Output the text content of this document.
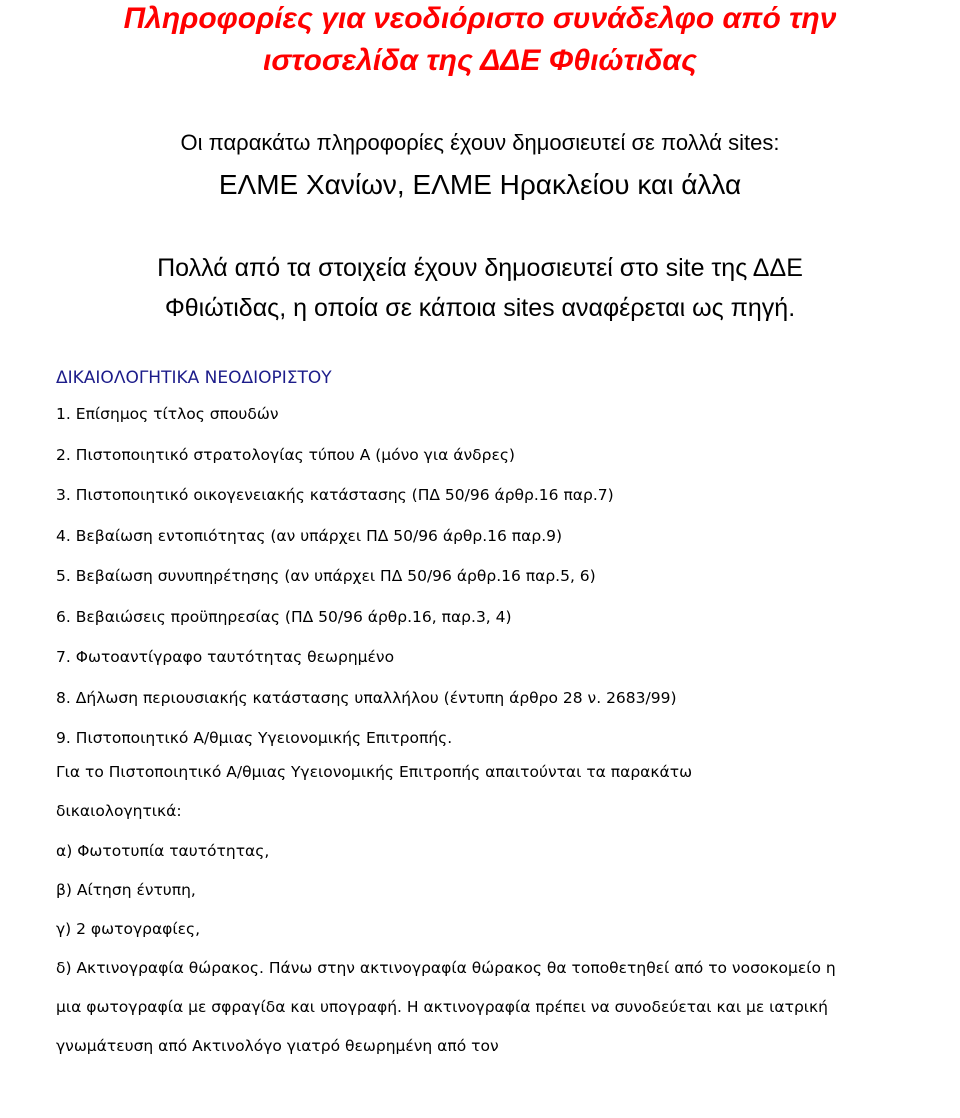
Πληροφορίες για νεοδιόριστο συνάδελφο από την
ιστοσελίδα της ΔΔΕ Φθιώτιδας
Οι παρακάτω πληροφορίες έχουν δημοσιευτεί σε πολλά sites:
ΕΛΜΕ Χανίων, ΕΛΜΕ Ηρακλείου και άλλα
Πολλά από τα στοιχεία έχουν δημοσιευτεί στο site της ΔΔΕ
Φθιώτιδας, η οποία σε κάποια sites αναφέρεται ως πηγή.
ΔΙΚΑΙΟΛΟΓΗΤΙΚΑ ΝΕΟΔΙΟΡΙΣΤΟΥ
1. Επίσημος τίτλος σπουδών
2. Πιστοποιητικό στρατολογίας τύπου Α (μόνο για άνδρες)
3. Πιστοποιητικό οικογενειακής κατάστασης (ΠΔ 50/96 άρθρ.16 παρ.7)
4. Βεβαίωση εντοπιότητας (αν υπάρχει ΠΔ 50/96 άρθρ.16 παρ.9)
5. Βεβαίωση συνυπηρέτησης (αν υπάρχει ΠΔ 50/96 άρθρ.16 παρ.5, 6)
6. Βεβαιώσεις προϋπηρεσίας (ΠΔ 50/96 άρθρ.16, παρ.3, 4)
7. Φωτοαντίγραφο ταυτότητας θεωρημένο
8. Δήλωση περιουσιακής κατάστασης υπαλλήλου (έντυπη άρθρο 28 ν. 2683/99)
9. Πιστοποιητικό Α/θμιας Υγειονομικής Επιτροπής.
Για το Πιστοποιητικό Α/θμιας Υγειονομικής Επιτροπής απαιτούνται τα παρακάτω
δικαιολογητικά:
α) Φωτοτυπία ταυτότητας,
β) Αίτηση έντυπη,
γ) 2 φωτογραφίες,
δ) Ακτινογραφία θώρακος. Πάνω στην ακτινογραφία θώρακος θα τοποθετηθεί από το νοσοκομείο η
μια φωτογραφία με σφραγίδα και υπογραφή. Η ακτινογραφία πρέπει να συνοδεύεται και με ιατρική
γνωμάτευση από Ακτινολόγο γιατρό θεωρημένη από τον
